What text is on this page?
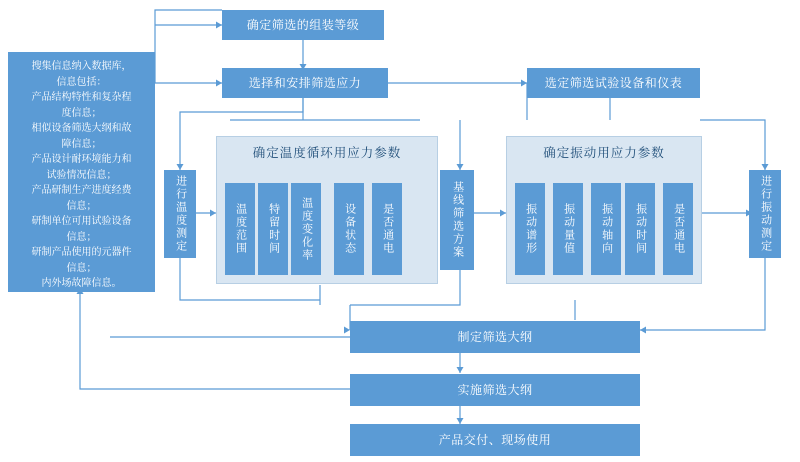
搜集信息纳入数据库，
信息包括：
产品结构特性和复杂程
度信息；
相似设备筛选大纲和故
障信息；
产品设计耐环境能力和
试验情况信息；
产品研制生产进度经费
信息；
研制单位可用试验设备
信息；
研制产品使用的元器件
信息；
内外场故障信息。
确定筛选的组装等级
选择和安排筛选应力	选定筛选试验设备和仪表
进行温度测定	进行振动测定
基线筛选方案
确定温度循环用应力参数
温度范围	特留时间	温度变化率	设备状态	是否通电
确定振动用应力参数
振动谱形	振动量值	振动轴向	振动时间	是否通电
制定筛选大纲
实施筛选大纲
产品交付、现场使用
